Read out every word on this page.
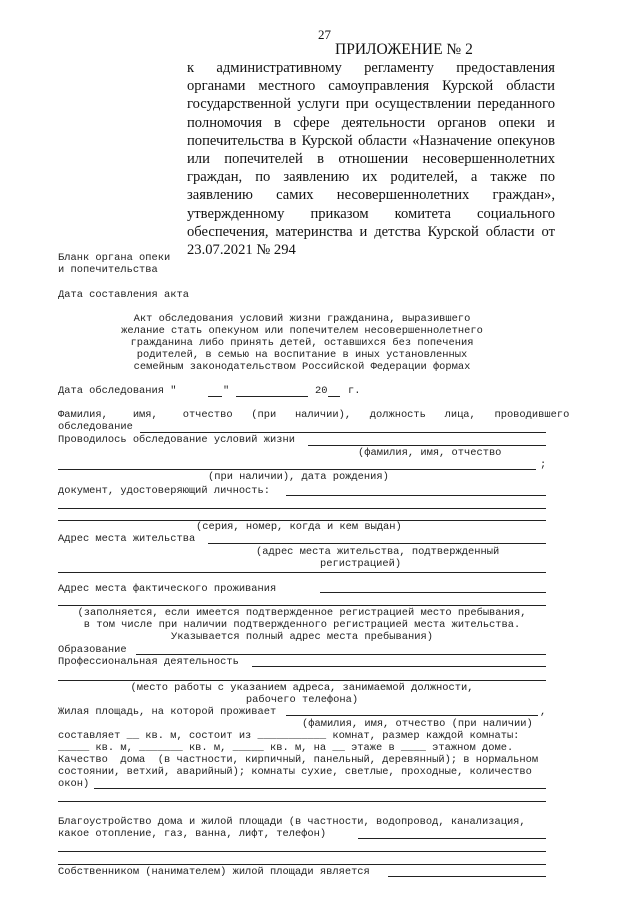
27
ПРИЛОЖЕНИЕ № 2
к административному регламенту предоставления органами местного самоуправления Курской области государственной услуги при осуществлении переданного полномочия в сфере деятельности органов опеки и попечительства в Курской области «Назначение опекунов или попечителей в отношении несовершеннолетних граждан, по заявлению их родителей, а также по заявлению самих несовершеннолетних граждан», утвержденному приказом комитета социального обеспечения, материнства и детства Курской области от 23.07.2021 № 294
Бланк органа опеки
и попечительства
Дата составления акта
Акт обследования условий жизни гражданина, выразившего
желание стать опекуном или попечителем несовершеннолетнего
гражданина либо принять детей, оставшихся без попечения
родителей, в семью на воспитание в иных установленных
семейным законодательством Российской Федерации формах
Дата обследования "	"	20 г.
Фамилия,    имя,    отчество   (при   наличии),   должность   лица,   проводившего
обследование
Проводилось обследование условий жизни
(фамилия, имя, отчество
;
(при наличии), дата рождения)
документ, удостоверяющий личность:
(серия, номер, когда и кем выдан)
Адрес места жительства
(адрес места жительства, подтвержденный
регистрацией)
Адрес места фактического проживания
(заполняется, если имеется подтвержденное регистрацией место пребывания,
в том числе при наличии подтвержденного регистрацией места жительства.
Указывается полный адрес места пребывания)
Образование
Профессиональная деятельность
(место работы с указанием адреса, занимаемой должности,
рабочего телефона)
Жилая площадь, на которой проживает	,
(фамилия, имя, отчество (при наличии)
составляет __ кв. м, состоит из ___________ комнат, размер каждой комнаты:
_____ кв. м, _______ кв. м, _____ кв. м, на __ этаже в ____ этажном доме.
Качество  дома  (в частности, кирпичный, панельный, деревянный); в нормальном
состоянии, ветхий, аварийный); комнаты сухие, светлые, проходные, количество
окон)
Благоустройство дома и жилой площади (в частности, водопровод, канализация,
какое отопление, газ, ванна, лифт, телефон)
Собственником (нанимателем) жилой площади является
